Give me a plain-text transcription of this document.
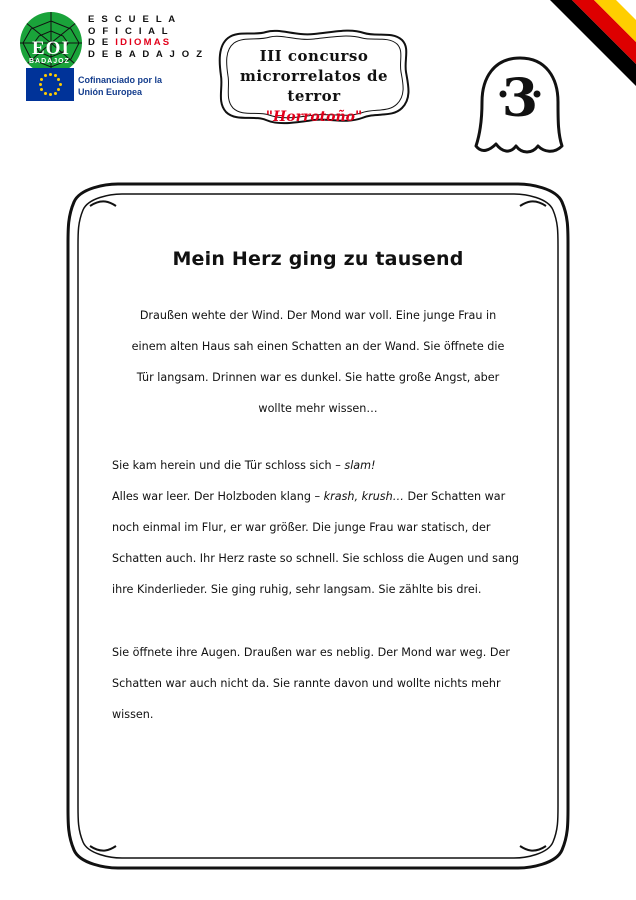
EOI
BADAJOZ
E S C U E L A
O F I C I A L
D E IDIOMAS
D E B A D A J O Z
Cofinanciado por la Unión Europea
III concurso
microrrelatos de terror
"Horrotoño"	3
Mein Herz ging zu tausend
Draußen wehte der Wind. Der Mond war voll. Eine junge Frau in einem alten Haus sah einen Schatten an der Wand. Sie öffnete die Tür langsam. Drinnen war es dunkel. Sie hatte große Angst, aber wollte mehr wissen…
Sie kam herein und die Tür schloss sich – slam!
Alles war leer. Der Holzboden klang – krash, krush… Der Schatten war noch einmal im Flur, er war größer. Die junge Frau war statisch, der Schatten auch. Ihr Herz raste so schnell. Sie schloss die Augen und sang ihre Kinderlieder. Sie ging ruhig, sehr langsam. Sie zählte bis drei.
Sie öffnete ihre Augen. Draußen war es neblig. Der Mond war weg. Der Schatten war auch nicht da. Sie rannte davon und wollte nichts mehr wissen.
